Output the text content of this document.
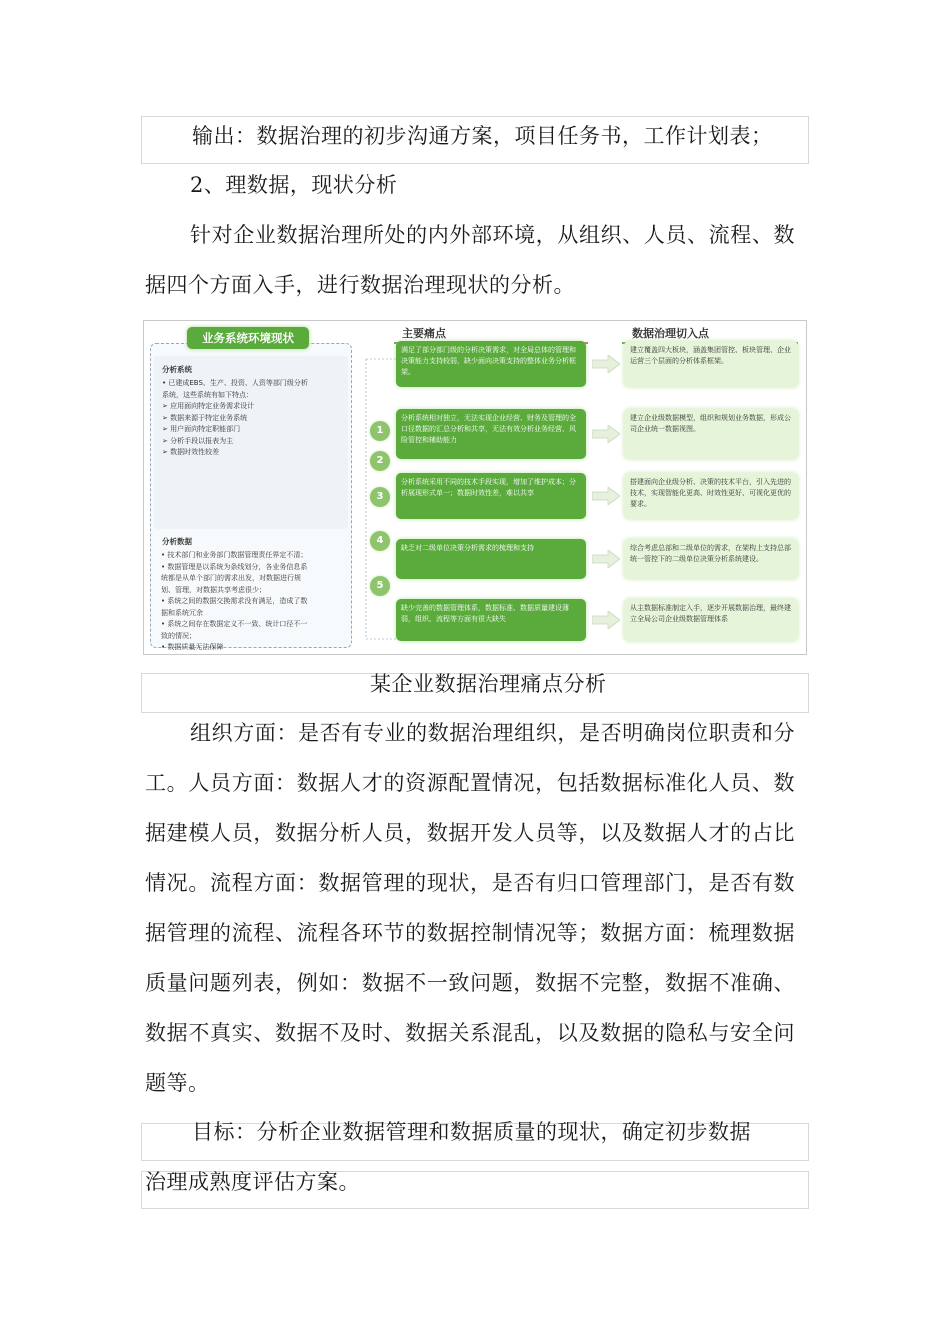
输出：数据治理的初步沟通方案，项目任务书，工作计划表；

2、理数据，现状分析

针对企业数据治理所处的内外部环境，从组织、人员、流程、数据四个方面入手，进行数据治理现状的分析。

分析系统
• 已建成EBS、生产、投资、人资等部门级分析
系统，这些系统有如下特点：
➢ 应用面向特定业务需求设计
➢ 数据来源于特定业务系统
➢ 用户面向特定职能部门
➢ 分析手段以报表为主
➢ 数据时效性较差
分析数据
• 技术部门和业务部门数据管理责任界定不清；
• 数据管理是以系统为条线划分，各业务信息系
统都是从单个部门的需求出发，对数据进行规
划、管理，对数据共享考虑很少；
• 系统之间的数据交换需求没有满足，造成了数
据和系统冗余
• 系统之间存在数据定义不一致、统计口径不一
致的情况；
• 数据质量无法保障
业务系统环境现状	主要痛点	数据治理切入点
满足了部分部门级的分析决策需求，对全局总体的管理和决策能力支持较弱，缺少面向决策支持的整体业务分析框架。
建立覆盖四大板块，涵盖集团管控、板块管理、企业运营三个层面的分析体系框架。
1
分析系统相对独立，无法实现企业经营、财务及管理的全口径数据的汇总分析和共享，无法有效分析业务经营、风险管控和辅助能力
建立企业级数据模型，组织和规划业务数据，形成公司企业统一数据视图。
2
分析系统采用不同的技术手段实现，增加了维护成本；分析展现形式单一；数据时效性差，难以共享
搭建面向企业级分析、决策的技术平台，引入先进的技术，实现智能化更高、时效性更好、可视化更优的要求。
3
缺乏对二级单位决策分析需求的梳理和支持	综合考虑总部和二级单位的需求，在架构上支持总部统一管控下的二级单位决策分析系统建设。
4
缺少完善的数据管理体系，数据标准、数据质量建设薄弱，组织、流程等方面有很大缺失
从主数据标准制定入手，逐步开展数据治理，最终建立全局公司企业级数据管理体系
5
某企业数据治理痛点分析

组织方面：是否有专业的数据治理组织，是否明确岗位职责和分工。人员方面：数据人才的资源配置情况，包括数据标准化人员、数据建模人员，数据分析人员，数据开发人员等，以及数据人才的占比情况。流程方面：数据管理的现状，是否有归口管理部门，是否有数据管理的流程、流程各环节的数据控制情况等；数据方面：梳理数据质量问题列表，例如：数据不一致问题，数据不完整，数据不准确、数据不真实、数据不及时、数据关系混乱，以及数据的隐私与安全问题等。

目标：分析企业数据管理和数据质量的现状，确定初步数据
治理成熟度评估方案。
